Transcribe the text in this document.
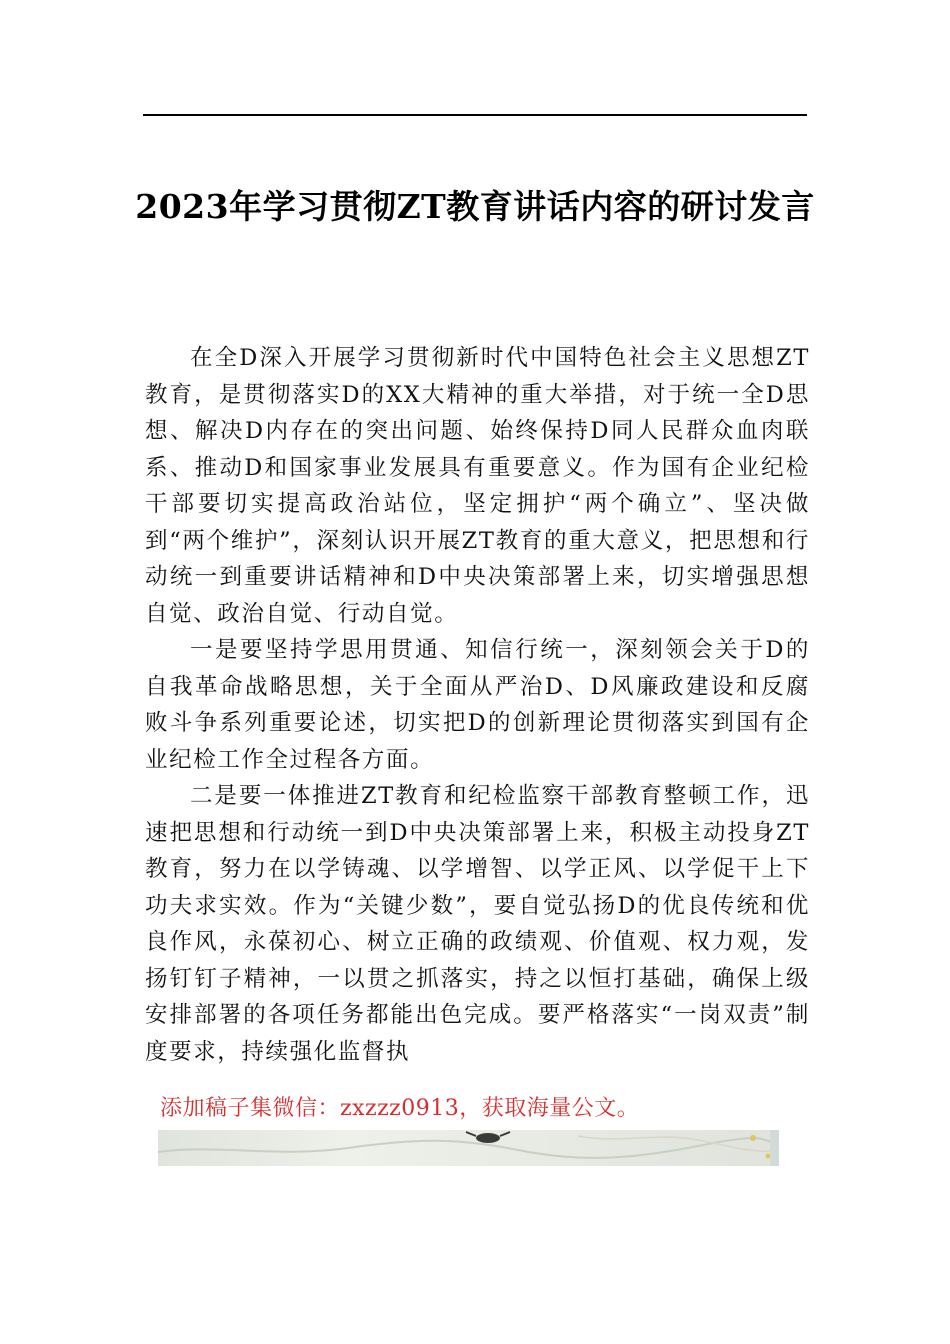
2023年学习贯彻ZT教育讲话内容的研讨发言

在全D深入开展学习贯彻新时代中国特色社会主义思想ZT教育，是贯彻落实D的XX大精神的重大举措，对于统一全D思想、解决D内存在的突出问题、始终保持D同人民群众血肉联系、推动D和国家事业发展具有重要意义。作为国有企业纪检干部要切实提高政治站位，坚定拥护“两个确立”、坚决做到“两个维护”，深刻认识开展ZT教育的重大意义，把思想和行动统一到重要讲话精神和D中央决策部署上来，切实增强思想自觉、政治自觉、行动自觉。

一是要坚持学思用贯通、知信行统一，深刻领会关于D的自我革命战略思想，关于全面从严治D、D风廉政建设和反腐败斗争系列重要论述，切实把D的创新理论贯彻落实到国有企业纪检工作全过程各方面。

二是要一体推进ZT教育和纪检监察干部教育整顿工作，迅速把思想和行动统一到D中央决策部署上来，积极主动投身ZT教育，努力在以学铸魂、以学增智、以学正风、以学促干上下功夫求实效。作为“关键少数”，要自觉弘扬D的优良传统和优良作风，永葆初心、树立正确的政绩观、价值观、权力观，发扬钉钉子精神，一以贯之抓落实，持之以恒打基础，确保上级安排部署的各项任务都能出色完成。要严格落实“一岗双责”制度要求，持续强化监督执

添加稿子集微信：zxzzz0913，获取海量公文。
